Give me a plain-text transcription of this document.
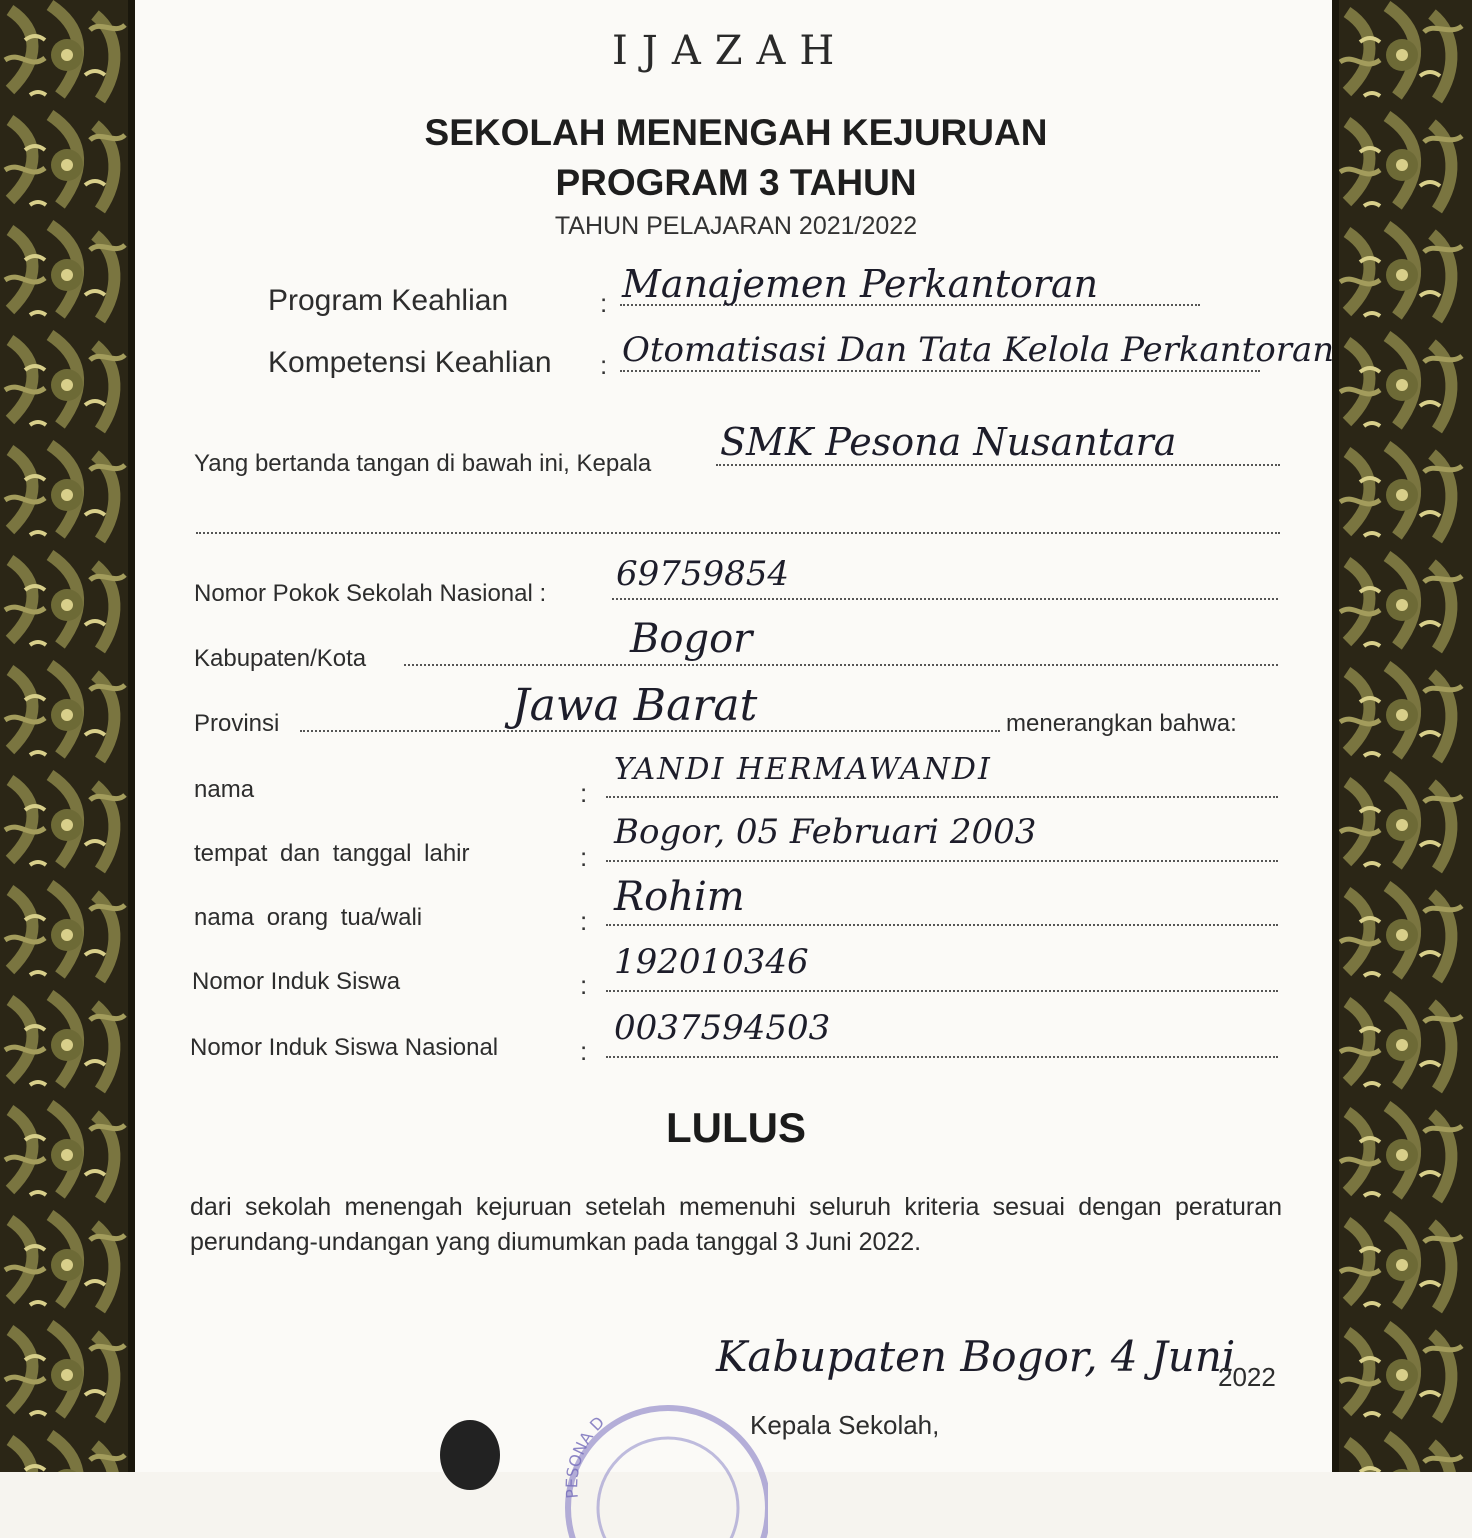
IJAZAH
SEKOLAH MENENGAH KEJURUAN
PROGRAM 3 TAHUN
TAHUN PELAJARAN 2021/2022
Program Keahlian	: Manajemen Perkantoran
Kompetensi Keahlian : Otomatisasi Dan Tata Kelola Perkantoran
Yang bertanda tangan di bawah ini, Kepala SMK Pesona Nusantara
Nomor Pokok Sekolah Nasional : 69759854
Kabupaten/Kota	Bogor
Provinsi	Jawa Barat	menerangkan bahwa:
nama	:
YANDI HERMAWANDI
tempat dan tanggal lahir	:
Bogor, 05 Februari 2003
nama orang tua/wali	:
Rohim
Nomor Induk Siswa	:
192010346
Nomor Induk Siswa Nasional	:
0037594503
LULUS
dari sekolah menengah kejuruan setelah memenuhi seluruh kriteria sesuai dengan peraturan perundang-undangan yang diumumkan pada tanggal 3 Juni 2022.
Kabupaten Bogor, 4 Juni
2022
PESONA D	Kepala Sekolah,
